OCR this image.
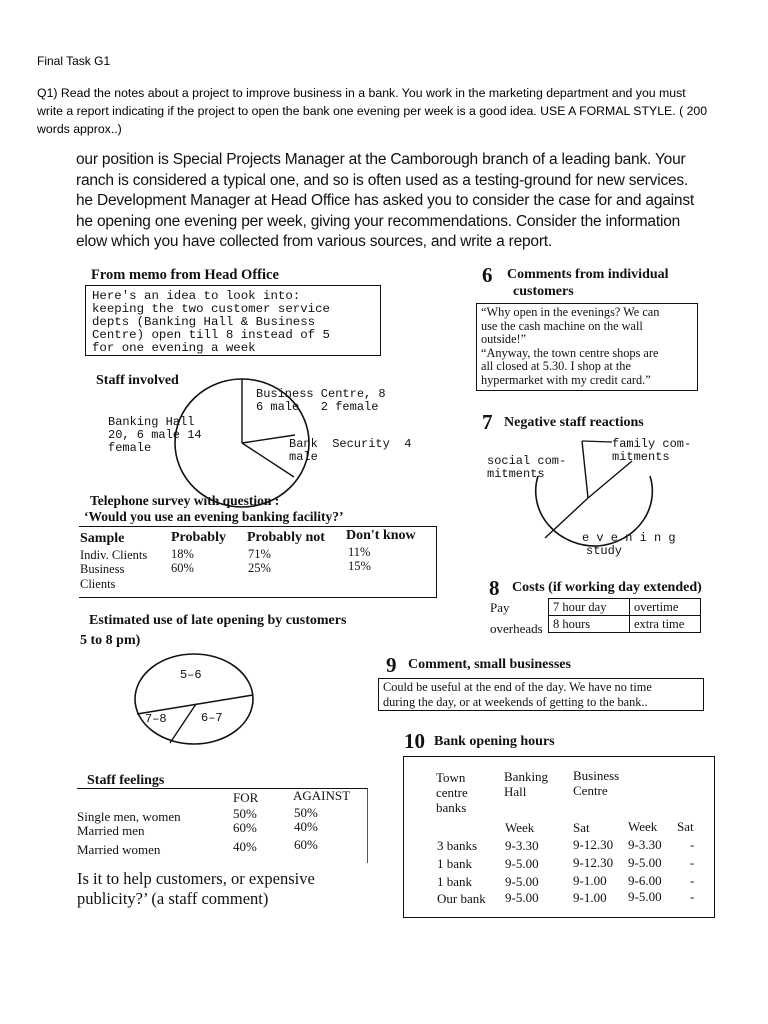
Final Task G1
Q1) Read the notes about a project to improve business in a bank. You work in the marketing department and you must
write a report indicating if the project to open the bank one evening per week is a good idea. USE A FORMAL STYLE. ( 200
words approx..)
our position is Special Projects Manager at the Camborough branch of a leading bank. Your
ranch is considered a typical one, and so is often used as a testing-ground for new services.
he Development Manager at Head Office has asked you to consider the case for and against
he opening one evening per week, giving your recommendations. Consider the information
elow which you have collected from various sources, and write a report.
From memo from Head Office
Here's an idea to look into:
keeping the two customer service
depts (Banking Hall & Business
Centre) open till 8 instead of 5
for one evening a week
Staff involved
Business Centre, 8
6 male   2 female
Banking Hall
20, 6 male 14
female	Bank  Security  4
male
Telephone survey with question :
‘Would you use an evening banking facility?’
Sample	Probably Probably not Don't know
Indiv. Clients 18%	71%	11%
Business	60%	25%	15%
Clients
Estimated use of late opening by customers
5 to 8 pm)
5–6
6–7
7–8
Staff feelings
FOR	AGAINST
Single men, women	50%	50%
Married men	60%	40%
Married women	40%	60%
Is it to help customers, or expensive
publicity?’ (a staff comment)
6 Comments from individual
customers
“Why open in the evenings? We can
use the cash machine on the wall
outside!”
“Anyway, the town centre shops are
all closed at 5.30. I shop at the
hypermarket with my credit card.”
7 Negative staff reactions
family com-
mitments
social com-
mitments
e v e n i n g
study
8 Costs (if working day extended)
Pay
overheads
7 hour day	overtime
8 hours	extra time
9 Comment, small businesses
Could be useful at the end of the day. We have no time
during the day, or at weekends of getting to the bank..
10 Bank opening hours
Town
centre
banks
Banking
Hall
Business
Centre
Week	Sat	Week Sat
3 banks 9-3.30	9-12.30 9-3.30 -
1 bank	9-5.00	9-12.30 9-5.00 -
1 bank	9-5.00	9-1.00 9-6.00 -
Our bank 9-5.00	9-1.00 9-5.00 -
